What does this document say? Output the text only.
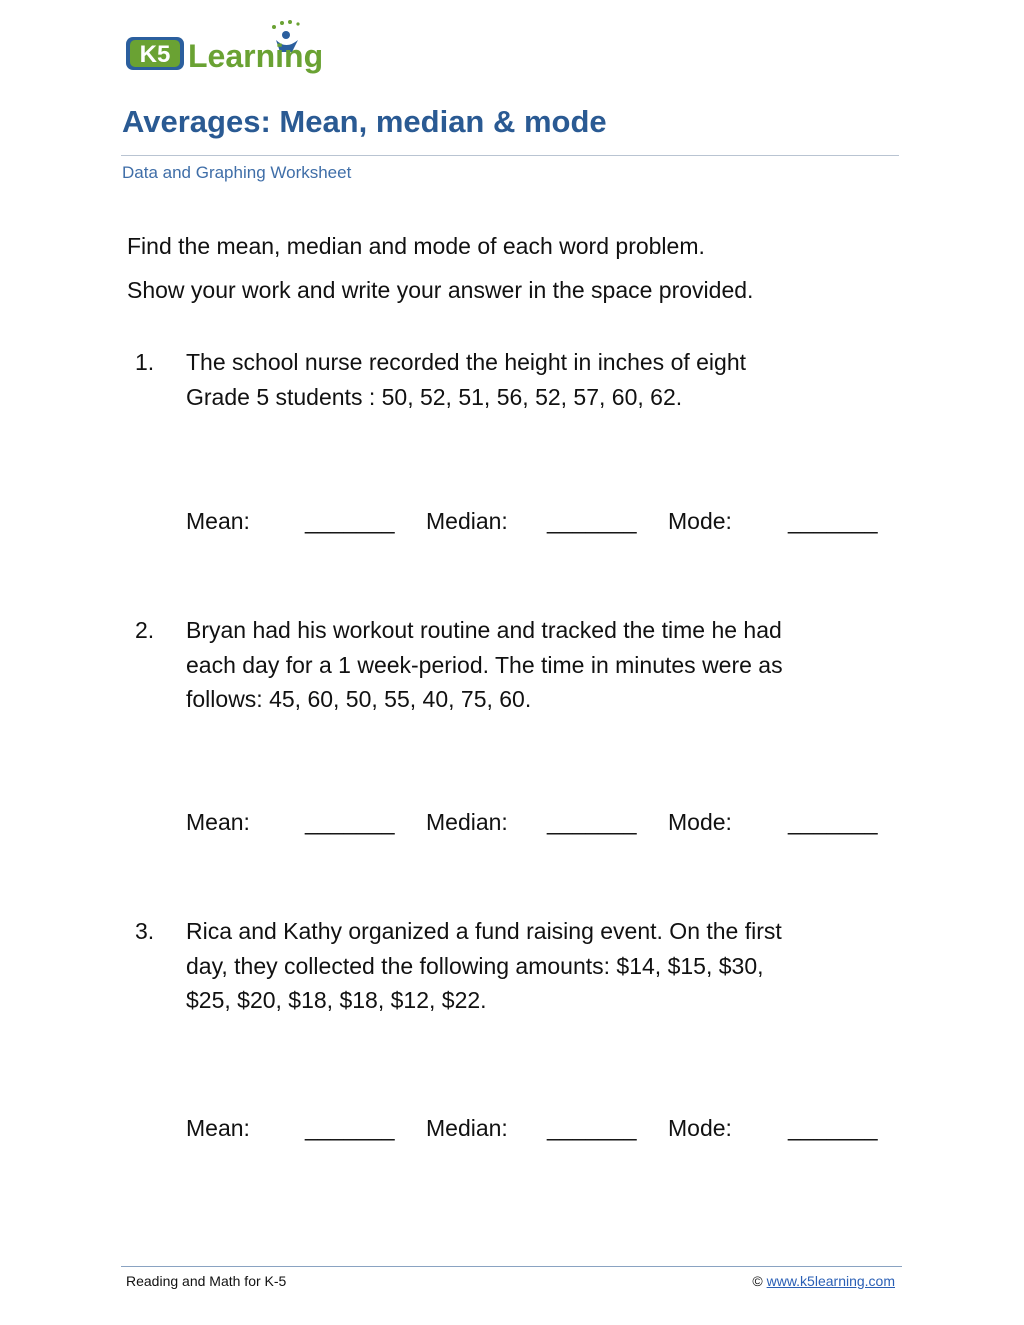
K5 Learning
Averages: Mean, median & mode
Data and Graphing Worksheet
Find the mean, median and mode of each word problem.
Show your work and write your answer in the space provided.
1. The school nurse recorded the height in inches of eight
Grade 5 students : 50, 52, 51, 56, 52, 57, 60, 62.
Mean: _______ Median: _______ Mode: _______
2. Bryan had his workout routine and tracked the time he had
each day for a 1 week-period. The time in minutes were as
follows: 45, 60, 50, 55, 40, 75, 60.
Mean: _______ Median: _______ Mode: _______
3. Rica and Kathy organized a fund raising event. On the first
day, they collected the following amounts: $14, $15, $30,
$25, $20, $18, $18, $12, $22.
Mean: _______ Median: _______ Mode: _______
Reading and Math for K-5	© www.k5learning.com
